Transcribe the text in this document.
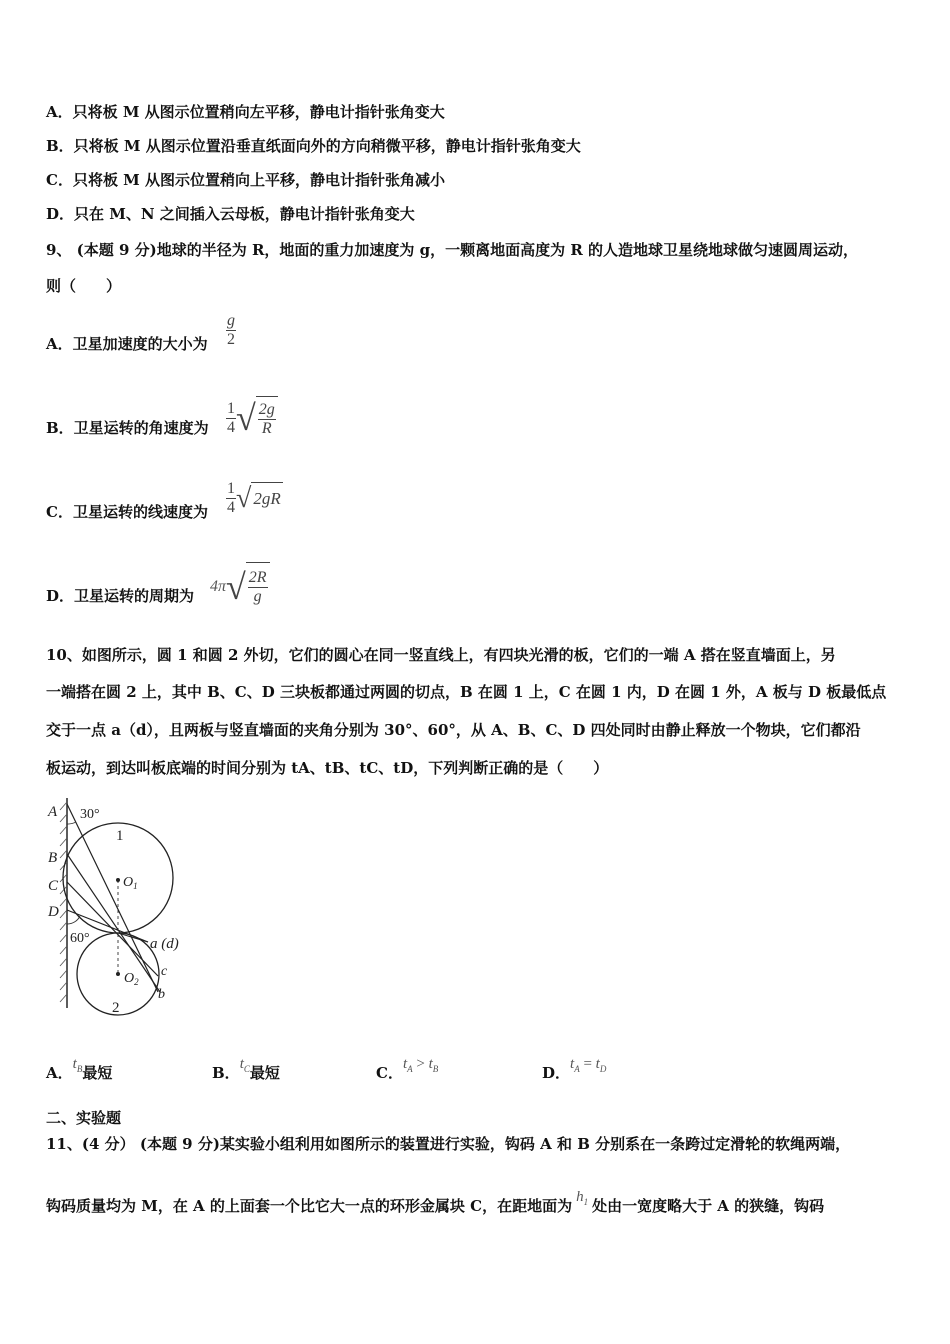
A．只将板 M 从图示位置稍向左平移，静电计指针张角变大
B．只将板 M 从图示位置沿垂直纸面向外的方向稍微平移，静电计指针张角变大
C．只将板 M 从图示位置稍向上平移，静电计指针张角减小
D．只在 M、N 之间插入云母板，静电计指针张角变大
9、 (本题 9 分)地球的半径为 R，地面的重力加速度为 g，一颗离地面高度为 R 的人造地球卫星绕地球做匀速圆周运动，
则（　　）
A．卫星加速度的大小为 $\frac{g}{2}$
B．卫星运转的角速度为 $\frac{1}{4}$ √ $\frac{2g}{R}$
C．卫星运转的线速度为 $\frac{1}{4}$ √ 2gR
D．卫星运转的周期为
4π √ $\frac{2R}{g}$
10、如图所示，圆 1 和圆 2 外切，它们的圆心在同一竖直线上，有四块光滑的板，它们的一端 A 搭在竖直墙面上，另
一端搭在圆 2 上，其中 B、C、D 三块板都通过两圆的切点，B 在圆 1 上，C 在圆 1 内，D 在圆 1 外，A 板与 D 板最低点
交于一点 a（d），且两板与竖直墙面的夹角分别为 30°、60°，从 A、B、C、D 四处同时由静止释放一个物块，它们都沿
板运动，到达叫板底端的时间分别为 tA、tB、tC、tD，下列判断正确的是（　　）
A 30°
1
B
$O_1$
C
D
60°	a (d)
c
$O_2$
b
2
A．$t_B$最短	B．$t_C$最短	C．$t_A > t_B$	D．$t_A = t_D$
二、实验题
11、(4 分） (本题 9 分)某实验小组利用如图所示的装置进行实验，钩码 A 和 B 分别系在一条跨过定滑轮的软绳两端，
钩码质量均为 M，在 A 的上面套一个比它大一点的环形金属块 C，在距地面为 $h_1$ 处由一宽度略大于 A 的狭缝，钩码
